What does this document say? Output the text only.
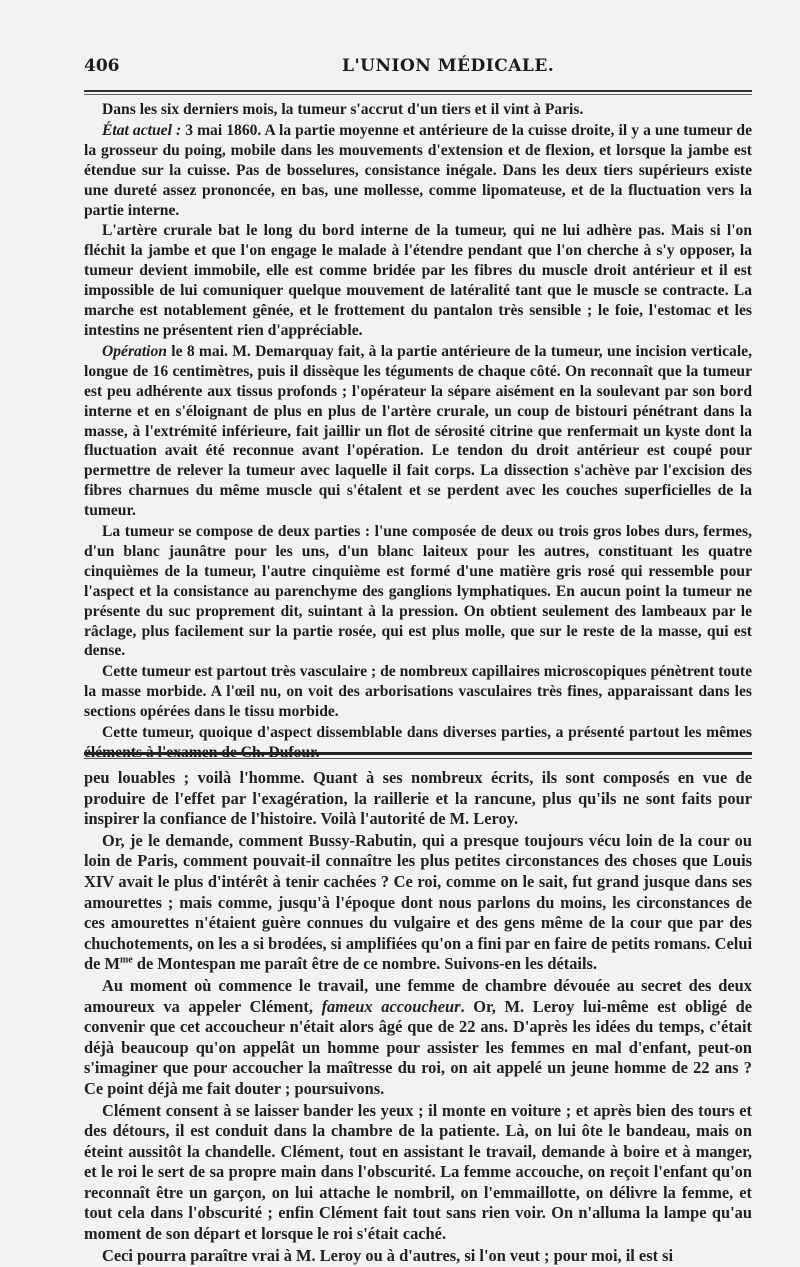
406	L'UNION MÉDICALE.

Dans les six derniers mois, la tumeur s'accrut d'un tiers et il vint à Paris.

État actuel : 3 mai 1860. A la partie moyenne et antérieure de la cuisse droite, il y a une tumeur de la grosseur du poing, mobile dans les mouvements d'extension et de flexion, et lorsque la jambe est étendue sur la cuisse. Pas de bosselures, consistance inégale. Dans les deux tiers supérieurs existe une dureté assez prononcée, en bas, une mollesse, comme lipomateuse, et de la fluctuation vers la partie interne.

L'artère crurale bat le long du bord interne de la tumeur, qui ne lui adhère pas. Mais si l'on fléchit la jambe et que l'on engage le malade à l'étendre pendant que l'on cherche à s'y opposer, la tumeur devient immobile, elle est comme bridée par les fibres du muscle droit antérieur et il est impossible de lui comuniquer quelque mouvement de latéralité tant que le muscle se contracte. La marche est notablement gênée, et le frottement du pantalon très sensible ; le foie, l'estomac et les intestins ne présentent rien d'appréciable.

Opération le 8 mai. M. Demarquay fait, à la partie antérieure de la tumeur, une incision verticale, longue de 16 centimètres, puis il dissèque les téguments de chaque côté. On reconnaît que la tumeur est peu adhérente aux tissus profonds ; l'opérateur la sépare aisément en la soulevant par son bord interne et en s'éloignant de plus en plus de l'artère crurale, un coup de bistouri pénétrant dans la masse, à l'extrémité inférieure, fait jaillir un flot de sérosité citrine que renfermait un kyste dont la fluctuation avait été reconnue avant l'opération. Le tendon du droit antérieur est coupé pour permettre de relever la tumeur avec laquelle il fait corps. La dissection s'achève par l'excision des fibres charnues du même muscle qui s'étalent et se perdent avec les couches superficielles de la tumeur.

La tumeur se compose de deux parties : l'une composée de deux ou trois gros lobes durs, fermes, d'un blanc jaunâtre pour les uns, d'un blanc laiteux pour les autres, constituant les quatre cinquièmes de la tumeur, l'autre cinquième est formé d'une matière gris rosé qui ressemble pour l'aspect et la consistance au parenchyme des ganglions lymphatiques. En aucun point la tumeur ne présente du suc proprement dit, suintant à la pression. On obtient seulement des lambeaux par le râclage, plus facilement sur la partie rosée, qui est plus molle, que sur le reste de la masse, qui est dense.

Cette tumeur est partout très vasculaire ; de nombreux capillaires microscopiques pénètrent toute la masse morbide. A l'œil nu, on voit des arborisations vasculaires très fines, apparaissant dans les sections opérées dans le tissu morbide.

Cette tumeur, quoique d'aspect dissemblable dans diverses parties, a présenté partout les mêmes

peu louables ; voilà l'homme. Quant à ses nombreux écrits, ils sont composés en vue de produire de l'effet par l'exagération, la raillerie et la rancune, plus qu'ils ne sont faits pour inspirer la confiance de l'histoire. Voilà l'autorité de M. Leroy.

Or, je le demande, comment Bussy-Rabutin, qui a presque toujours vécu loin de la cour ou loin de Paris, comment pouvait-il connaître les plus petites circonstances des choses que Louis XIV avait le plus d'intérêt à tenir cachées ? Ce roi, comme on le sait, fut grand jusque dans ses amourettes ; mais comme, jusqu'à l'époque dont nous parlons du moins, les circonstances de ces amourettes n'étaient guère connues du vulgaire et des gens même de la cour que par des chuchotements, on les a si brodées, si amplifiées qu'on a fini par en faire de petits romans. Celui de $M^{me}$ de Montespan me paraît être de ce nombre. Suivons-en les détails.

Au moment où commence le travail, une femme de chambre dévouée au secret des deux amoureux va appeler Clément, fameux accoucheur. Or, M. Leroy lui-même est obligé de convenir que cet accoucheur n'était alors âgé que de 22 ans. D'après les idées du temps, c'était déjà beaucoup qu'on appelât un homme pour assister les femmes en mal d'enfant, peut-on s'imaginer que pour accoucher la maîtresse du roi, on ait appelé un jeune homme de 22 ans ? Ce point déjà me fait douter ; poursuivons.

Clément consent à se laisser bander les yeux ; il monte en voiture ; et après bien des tours et des détours, il est conduit dans la chambre de la patiente. Là, on lui ôte le bandeau, mais on éteint aussitôt la chandelle. Clément, tout en assistant le travail, demande à boire et à manger, et le roi le sert de sa propre main dans l'obscurité. La femme accouche, on reçoit l'enfant qu'on reconnaît être un garçon, on lui attache le nombril, on l'emmaillotte, on délivre la femme, et tout cela dans l'obscurité ; enfin Clément fait tout sans rien voir. On n'alluma la lampe qu'au moment de son départ et lorsque le roi s'était caché.

Ceci pourra paraître vrai à M. Leroy ou à d'autres, si l'on veut ; pour moi, il est si
